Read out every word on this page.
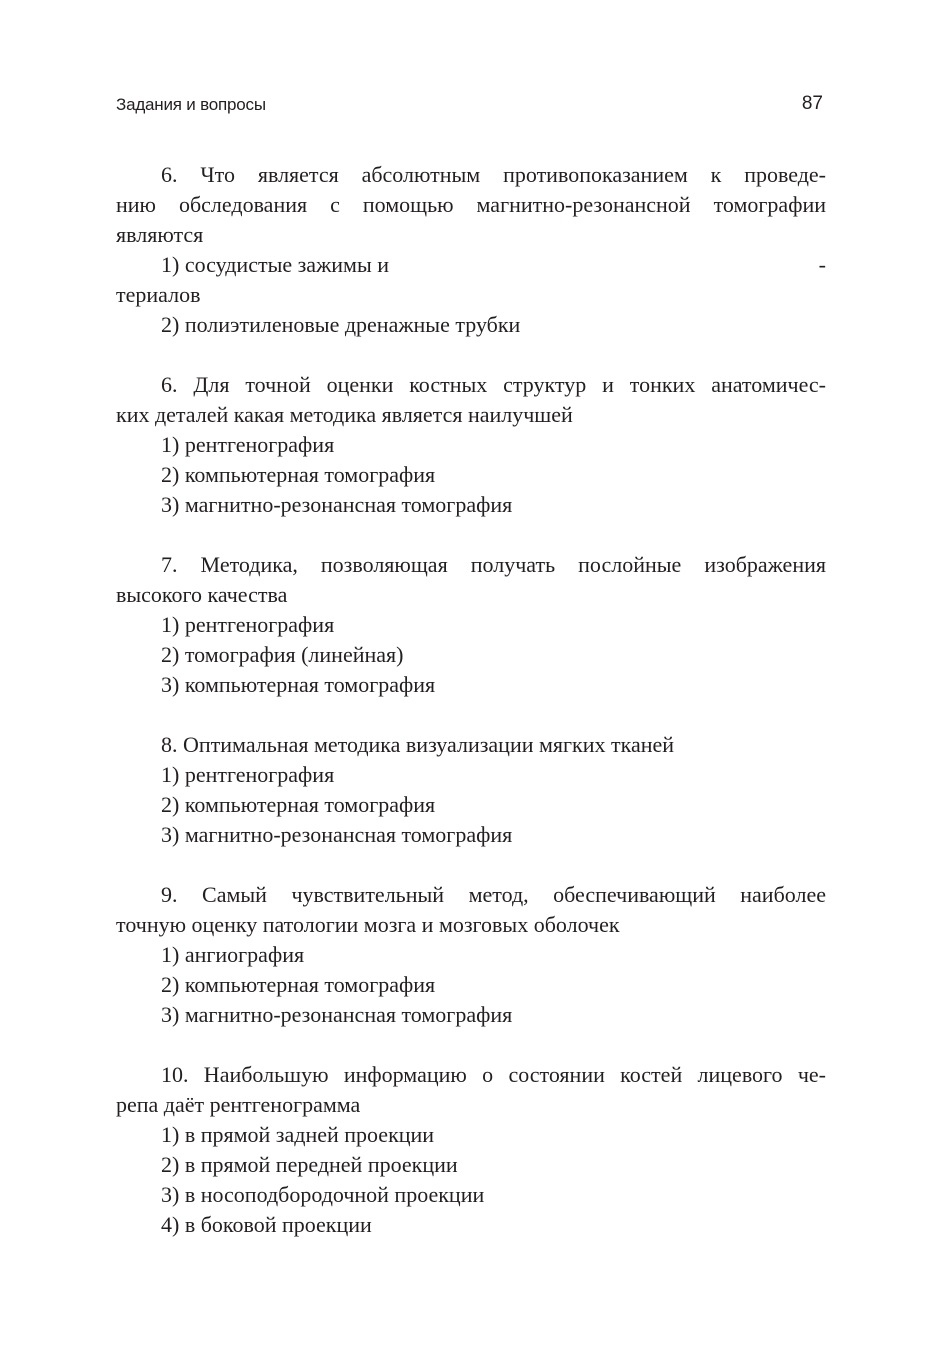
Задания и вопросы	87
6. Что является абсолютным противопоказанием к проведе-
нию обследования с помощью магнитно-резонансной томографии
являются
1) сосудистые зажимы и	-
териалов
2) полиэтиленовые дренажные трубки
6. Для точной оценки костных структур и тонких анатомичес-
ких деталей какая методика является наилучшей
1) рентгенография
2) компьютерная томография
3) магнитно-резонансная томография
7. Методика, позволяющая получать послойные изображения
высокого качества
1) рентгенография
2) томография (линейная)
3) компьютерная томография
8. Оптимальная методика визуализации мягких тканей
1) рентгенография
2) компьютерная томография
3) магнитно-резонансная томография
9. Самый чувствительный метод, обеспечивающий наиболее
точную оценку патологии мозга и мозговых оболочек
1) ангиография
2) компьютерная томография
3) магнитно-резонансная томография
10. Наибольшую информацию о состоянии костей лицевого че-
репа даёт рентгенограмма
1) в прямой задней проекции
2) в прямой передней проекции
3) в носоподбородочной проекции
4) в боковой проекции
